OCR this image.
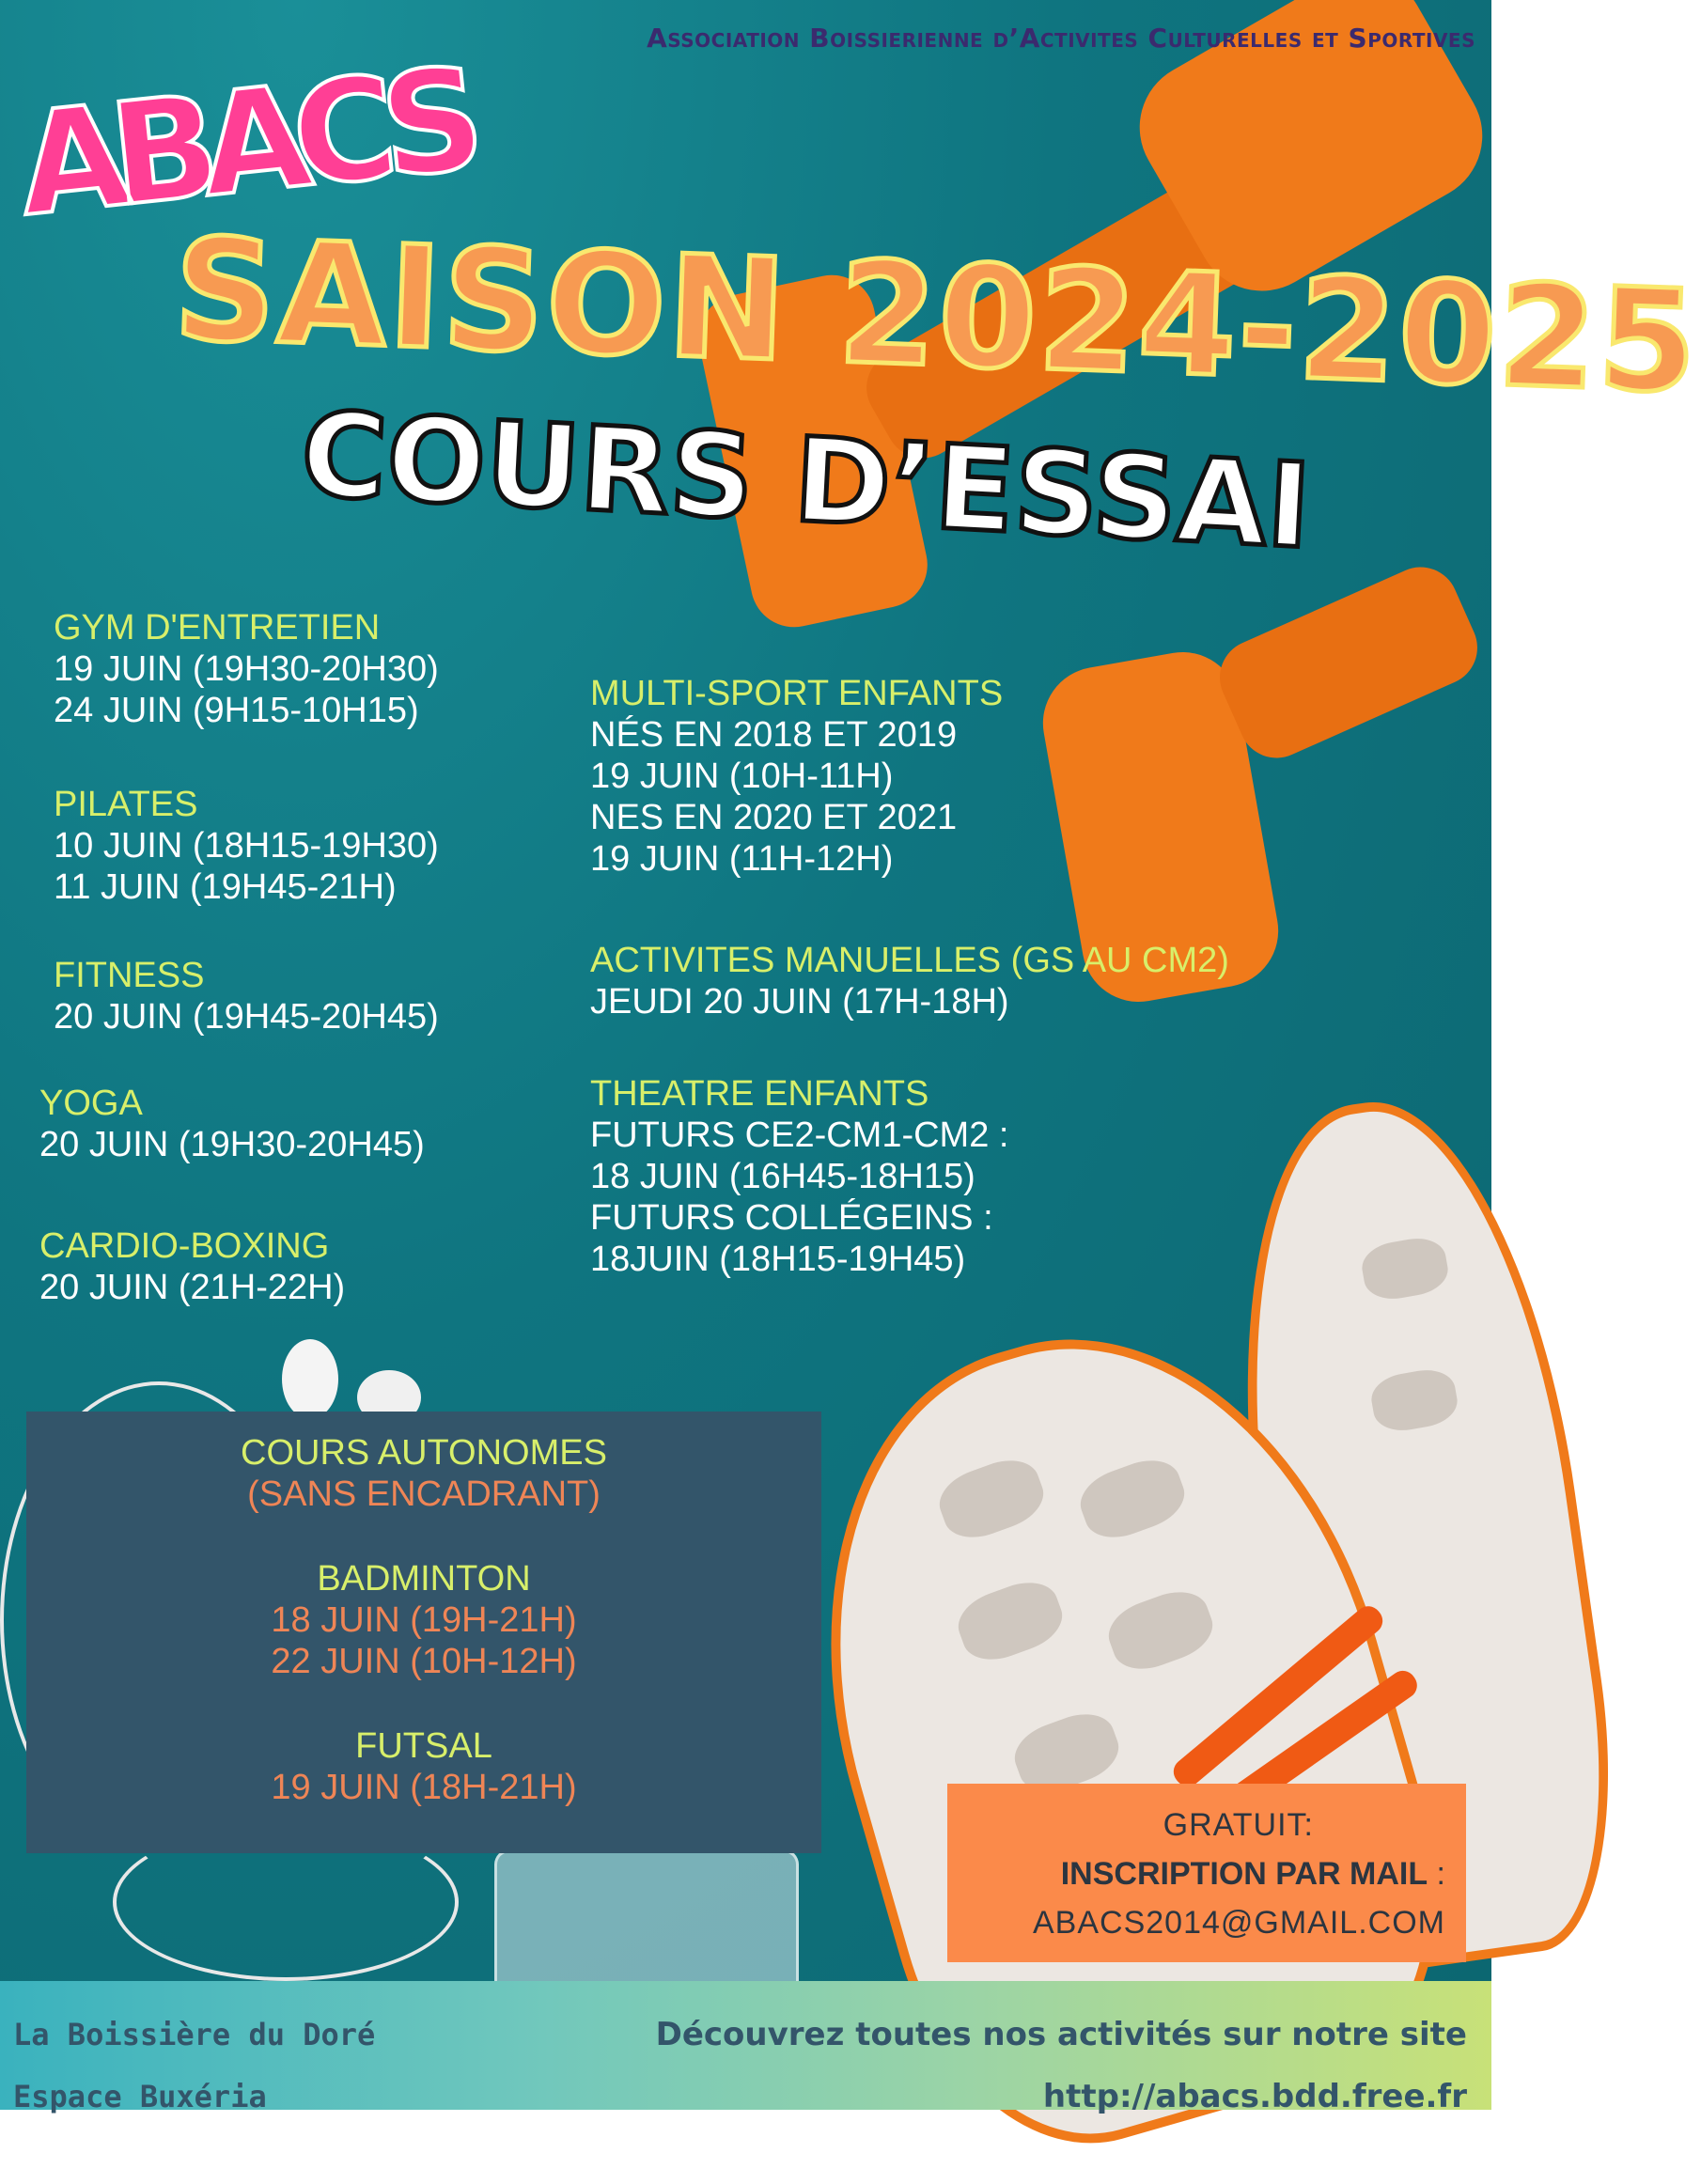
Association Boissierienne d’Activites Culturelles et Sportives
ABACS
SAISON 2024-2025
COURS D’ESSAI
GYM D'ENTRETIEN
19 JUIN (19H30-20H30)
24 JUIN (9H15-10H15)
PILATES
10 JUIN (18H15-19H30)
11 JUIN (19H45-21H)
FITNESS
20 JUIN (19H45-20H45)
YOGA
20 JUIN (19H30-20H45)
CARDIO-BOXING
20 JUIN (21H-22H)
MULTI-SPORT ENFANTS
NÉS EN 2018 ET 2019
19 JUIN (10H-11H)
NES EN 2020 ET 2021
19 JUIN (11H-12H)
ACTIVITES MANUELLES (GS AU CM2)
JEUDI 20 JUIN (17H-18H)
THEATRE ENFANTS
FUTURS CE2-CM1-CM2 :
18 JUIN (16H45-18H15)
FUTURS COLLÉGEINS :
18JUIN (18H15-19H45)
COURS AUTONOMES
(SANS ENCADRANT)
BADMINTON
18 JUIN (19H-21H)
22 JUIN (10H-12H)
FUTSAL
19 JUIN (18H-21H)
GRATUIT:
INSCRIPTION PAR MAIL :
ABACS2014@GMAIL.COM
La Boissière du Doré
Espace Buxéria
Découvrez toutes nos activités sur notre site
http://abacs.bdd.free.fr
